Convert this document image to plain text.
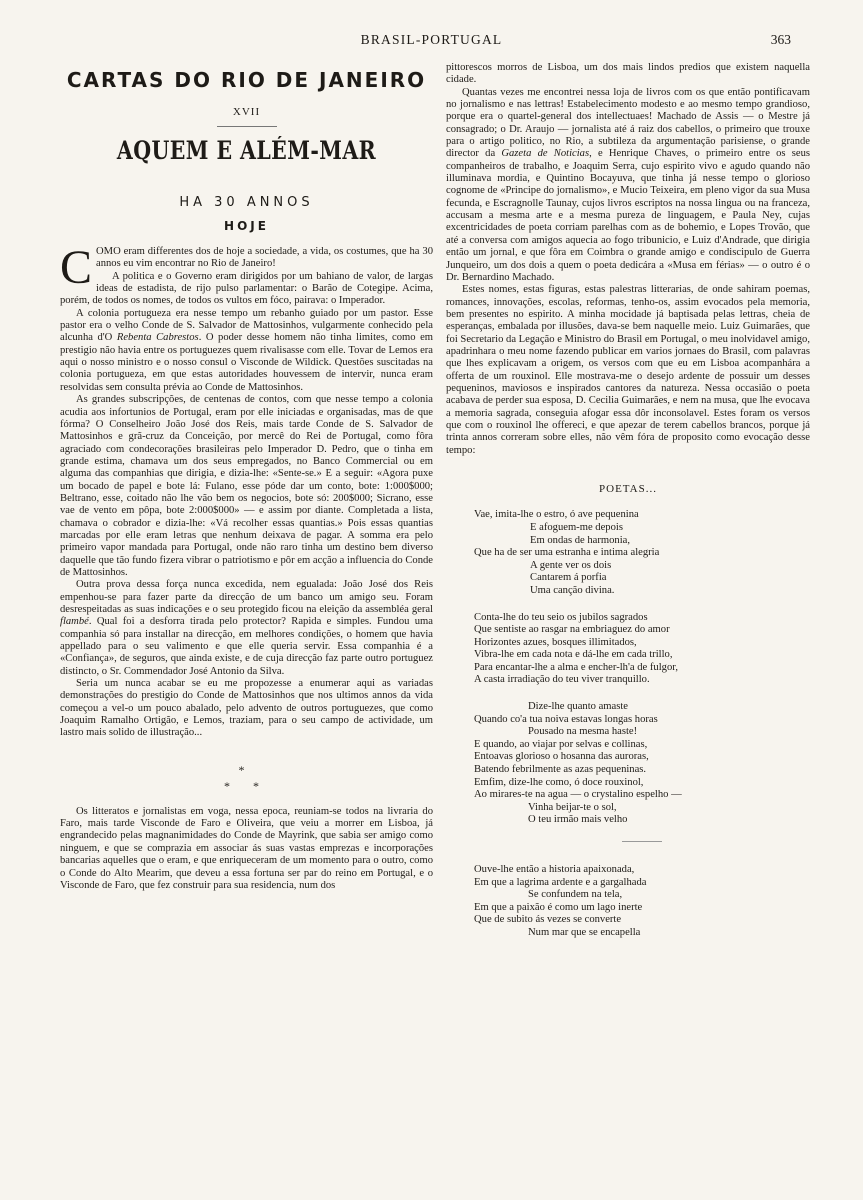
BRASIL-PORTUGAL	363
CARTAS DO RIO DE JANEIRO
XVII
AQUEM E ALÉM-MAR
HA 30 ANNOS
HOJE

COMO eram differentes dos de hoje a sociedade, a vida, os costumes, que ha 30 annos eu vim encontrar no Rio de Janeiro!

A politica e o Governo eram dirigidos por um bahiano de valor, de largas ideas de estadista, de rijo pulso parlamentar: o Barão de Cotegipe. Acima, porém, de todos os nomes, de todos os vultos em fóco, pairava: o Imperador.

A colonia portugueza era nesse tempo um rebanho guiado por um pastor. Esse pastor era o velho Conde de S. Salvador de Mattosinhos, vulgarmente conhecido pela alcunha d'O Rebenta Cabrestos. O poder desse homem não tinha limites, como em prestigio não havia entre os portuguezes quem rivalisasse com elle. Tovar de Lemos era aqui o nosso ministro e o nosso consul o Visconde de Wildick. Questões suscitadas na colonia portugueza, em que estas autoridades houvessem de intervir, nunca eram resolvidas sem consulta prévia ao Conde de Mattosinhos.

As grandes subscripções, de centenas de contos, com que nesse tempo a colonia acudia aos infortunios de Portugal, eram por elle iniciadas e organisadas, mas de que fórma? O Conselheiro João José dos Reis, mais tarde Conde de S. Salvador de Mattosinhos e grã-cruz da Conceição, por mercê do Rei de Portugal, como fôra agraciado com condecorações brasileiras pelo Imperador D. Pedro, que o tinha em grande estima, chamava um dos seus empregados, no Banco Commercial ou em alguma das companhias que dirigia, e dizia-lhe: «Sente-se.» E a seguir: «Agora puxe um bocado de papel e bote lá: Fulano, esse póde dar um conto, bote: 1:000$000; Beltrano, esse, coitado não lhe vão bem os negocios, bote só: 200$000; Sicrano, esse vae de vento em pôpa, bote 2:000$000» — e assim por diante. Completada a lista, chamava o cobrador e dizia-lhe: «Vá recolher essas quantias.» Pois essas quantias marcadas por elle eram letras que nenhum deixava de pagar. A somma era pelo primeiro vapor mandada para Portugal, onde não raro tinha um destino bem diverso daquelle que tão fundo fizera vibrar o patriotismo e pôr em acção a influencia do Conde de Mattosinhos.

Outra prova dessa força nunca excedida, nem egualada: João José dos Reis empenhou-se para fazer parte da direcção de um banco um amigo seu. Foram desrespeitadas as suas indicações e o seu protegido ficou na eleição da assembléa geral flambé. Qual foi a desforra tirada pelo protector? Rapida e simples. Fundou uma companhia só para installar na direcção, em melhores condições, o homem que havia appellado para o seu valimento e que elle queria servir. Essa companhia é a «Confiança», de seguros, que ainda existe, e de cuja direcção faz parte outro portuguez distincto, o Sr. Commendador José Antonio da Silva.

Seria um nunca acabar se eu me propozesse a enumerar aqui as variadas demonstrações do prestigio do Conde de Mattosinhos que nos ultimos annos da vida começou a vel-o um pouco abalado, pelo advento de outros portuguezes, que como Joaquim Ramalho Ortigão, e Lemos, traziam, para o seu campo de actividade, um lastro mais solido de illustração...

*
* *

Os litteratos e jornalistas em voga, nessa epoca, reuniam-se todos na livraria do Faro, mais tarde Visconde de Faro e Oliveira, que veiu a morrer em Lisboa, já engrandecido pelas magnanimidades do Conde de Mayrink, que sabia ser amigo como ninguem, e que se comprazia em associar ás suas vastas emprezas e incorporações bancarias aquelles que o eram, e que enriqueceram de um momento para o outro, como o Conde do Alto Mearim, que deveu a essa fortuna ser par do reino em Portugal, e o Visconde de Faro, que fez construir para sua residencia, num dos

pittorescos morros de Lisboa, um dos mais lindos predios que existem naquella cidade.

Quantas vezes me encontrei nessa loja de livros com os que então pontificavam no jornalismo e nas lettras! Estabelecimento modesto e ao mesmo tempo grandioso, porque era o quartel-general dos intellectuaes! Machado de Assis — o Mestre já consagrado; o Dr. Araujo — jornalista até á raiz dos cabellos, o primeiro que trouxe para o artigo politico, no Rio, a subtileza da argumentação parisiense, o grande director da Gazeta de Noticias, e Henrique Chaves, o primeiro entre os seus companheiros de trabalho, e Joaquim Serra, cujo espirito vivo e agudo quando não illuminava mordia, e Quintino Bocayuva, que tinha já nesse tempo o glorioso cognome de «Principe do jornalismo», e Mucio Teixeira, em pleno vigor da sua Musa fecunda, e Escragnolle Taunay, cujos livros escriptos na nossa lingua ou na franceza, accusam a mesma arte e a mesma pureza de linguagem, e Paula Ney, cujas excentricidades de poeta corriam parelhas com as de bohemio, e Lopes Trovão, que até a conversa com amigos aquecia ao fogo tribunicio, e Luiz d'Andrade, que dirigia então um jornal, e que fôra em Coimbra o grande amigo e condiscipulo de Guerra Junqueiro, um dos dois a quem o poeta dedicára a «Musa em férias» — o outro é o Dr. Bernardino Machado.

Estes nomes, estas figuras, estas palestras litterarias, de onde sahiram poemas, romances, innovações, escolas, reformas, tenho-os, assim evocados pela memoria, bem presentes no espirito. A minha mocidade já baptisada pelas lettras, cheia de esperanças, embalada por illusões, dava-se bem naquelle meio. Luiz Guimarães, que foi Secretario da Legação e Ministro do Brasil em Portugal, o meu inolvidavel amigo, apadrinhara o meu nome fazendo publicar em varios jornaes do Brasil, com palavras que lhes explicavam a origem, os versos com que eu em Lisboa acompanhára a offerta de um rouxinol. Elle mostrava-me o desejo ardente de possuir um desses pequeninos, maviosos e inspirados cantores da natureza. Nessa occasião o poeta acabava de perder sua esposa, D. Cecilia Guimarães, e nem na musa, que lhe evocava a memoria sagrada, conseguia afogar essa dôr inconsolavel. Estes foram os versos que com o rouxinol lhe offereci, e que apezar de terem cabellos brancos, porque já trinta annos correram sobre elles, não vêm fóra de proposito como evocação desse tempo:

POETAS...
Vae, imita-lhe o estro, ó ave pequenina
E afoguem-me depois
Em ondas de harmonia,
Que ha de ser uma estranha e intima alegria
A gente ver os dois
Cantarem á porfia
Uma canção divina.
Conta-lhe do teu seio os jubilos sagrados
Que sentiste ao rasgar na embriaguez do amor
Horizontes azues, bosques illimitados,
Vibra-lhe em cada nota e dá-lhe em cada trillo,
Para encantar-lhe a alma e encher-lh'a de fulgor,
A casta irradiação do teu viver tranquillo.
Dize-lhe quanto amaste
Quando co'a tua noiva estavas longas horas
Pousado na mesma haste!
E quando, ao viajar por selvas e collinas,
Entoavas glorioso o hosanna das auroras,
Batendo febrilmente as azas pequeninas.
Emfim, dize-lhe como, ó doce rouxinol,
Ao mirares-te na agua — o crystalino espelho —
Vinha beijar-te o sol,
O teu irmão mais velho
Ouve-lhe então a historia apaixonada,
Em que a lagrima ardente e a gargalhada
Se confundem na tela,
Em que a paixão é como um lago inerte
Que de subito ás vezes se converte
Num mar que se encapella
